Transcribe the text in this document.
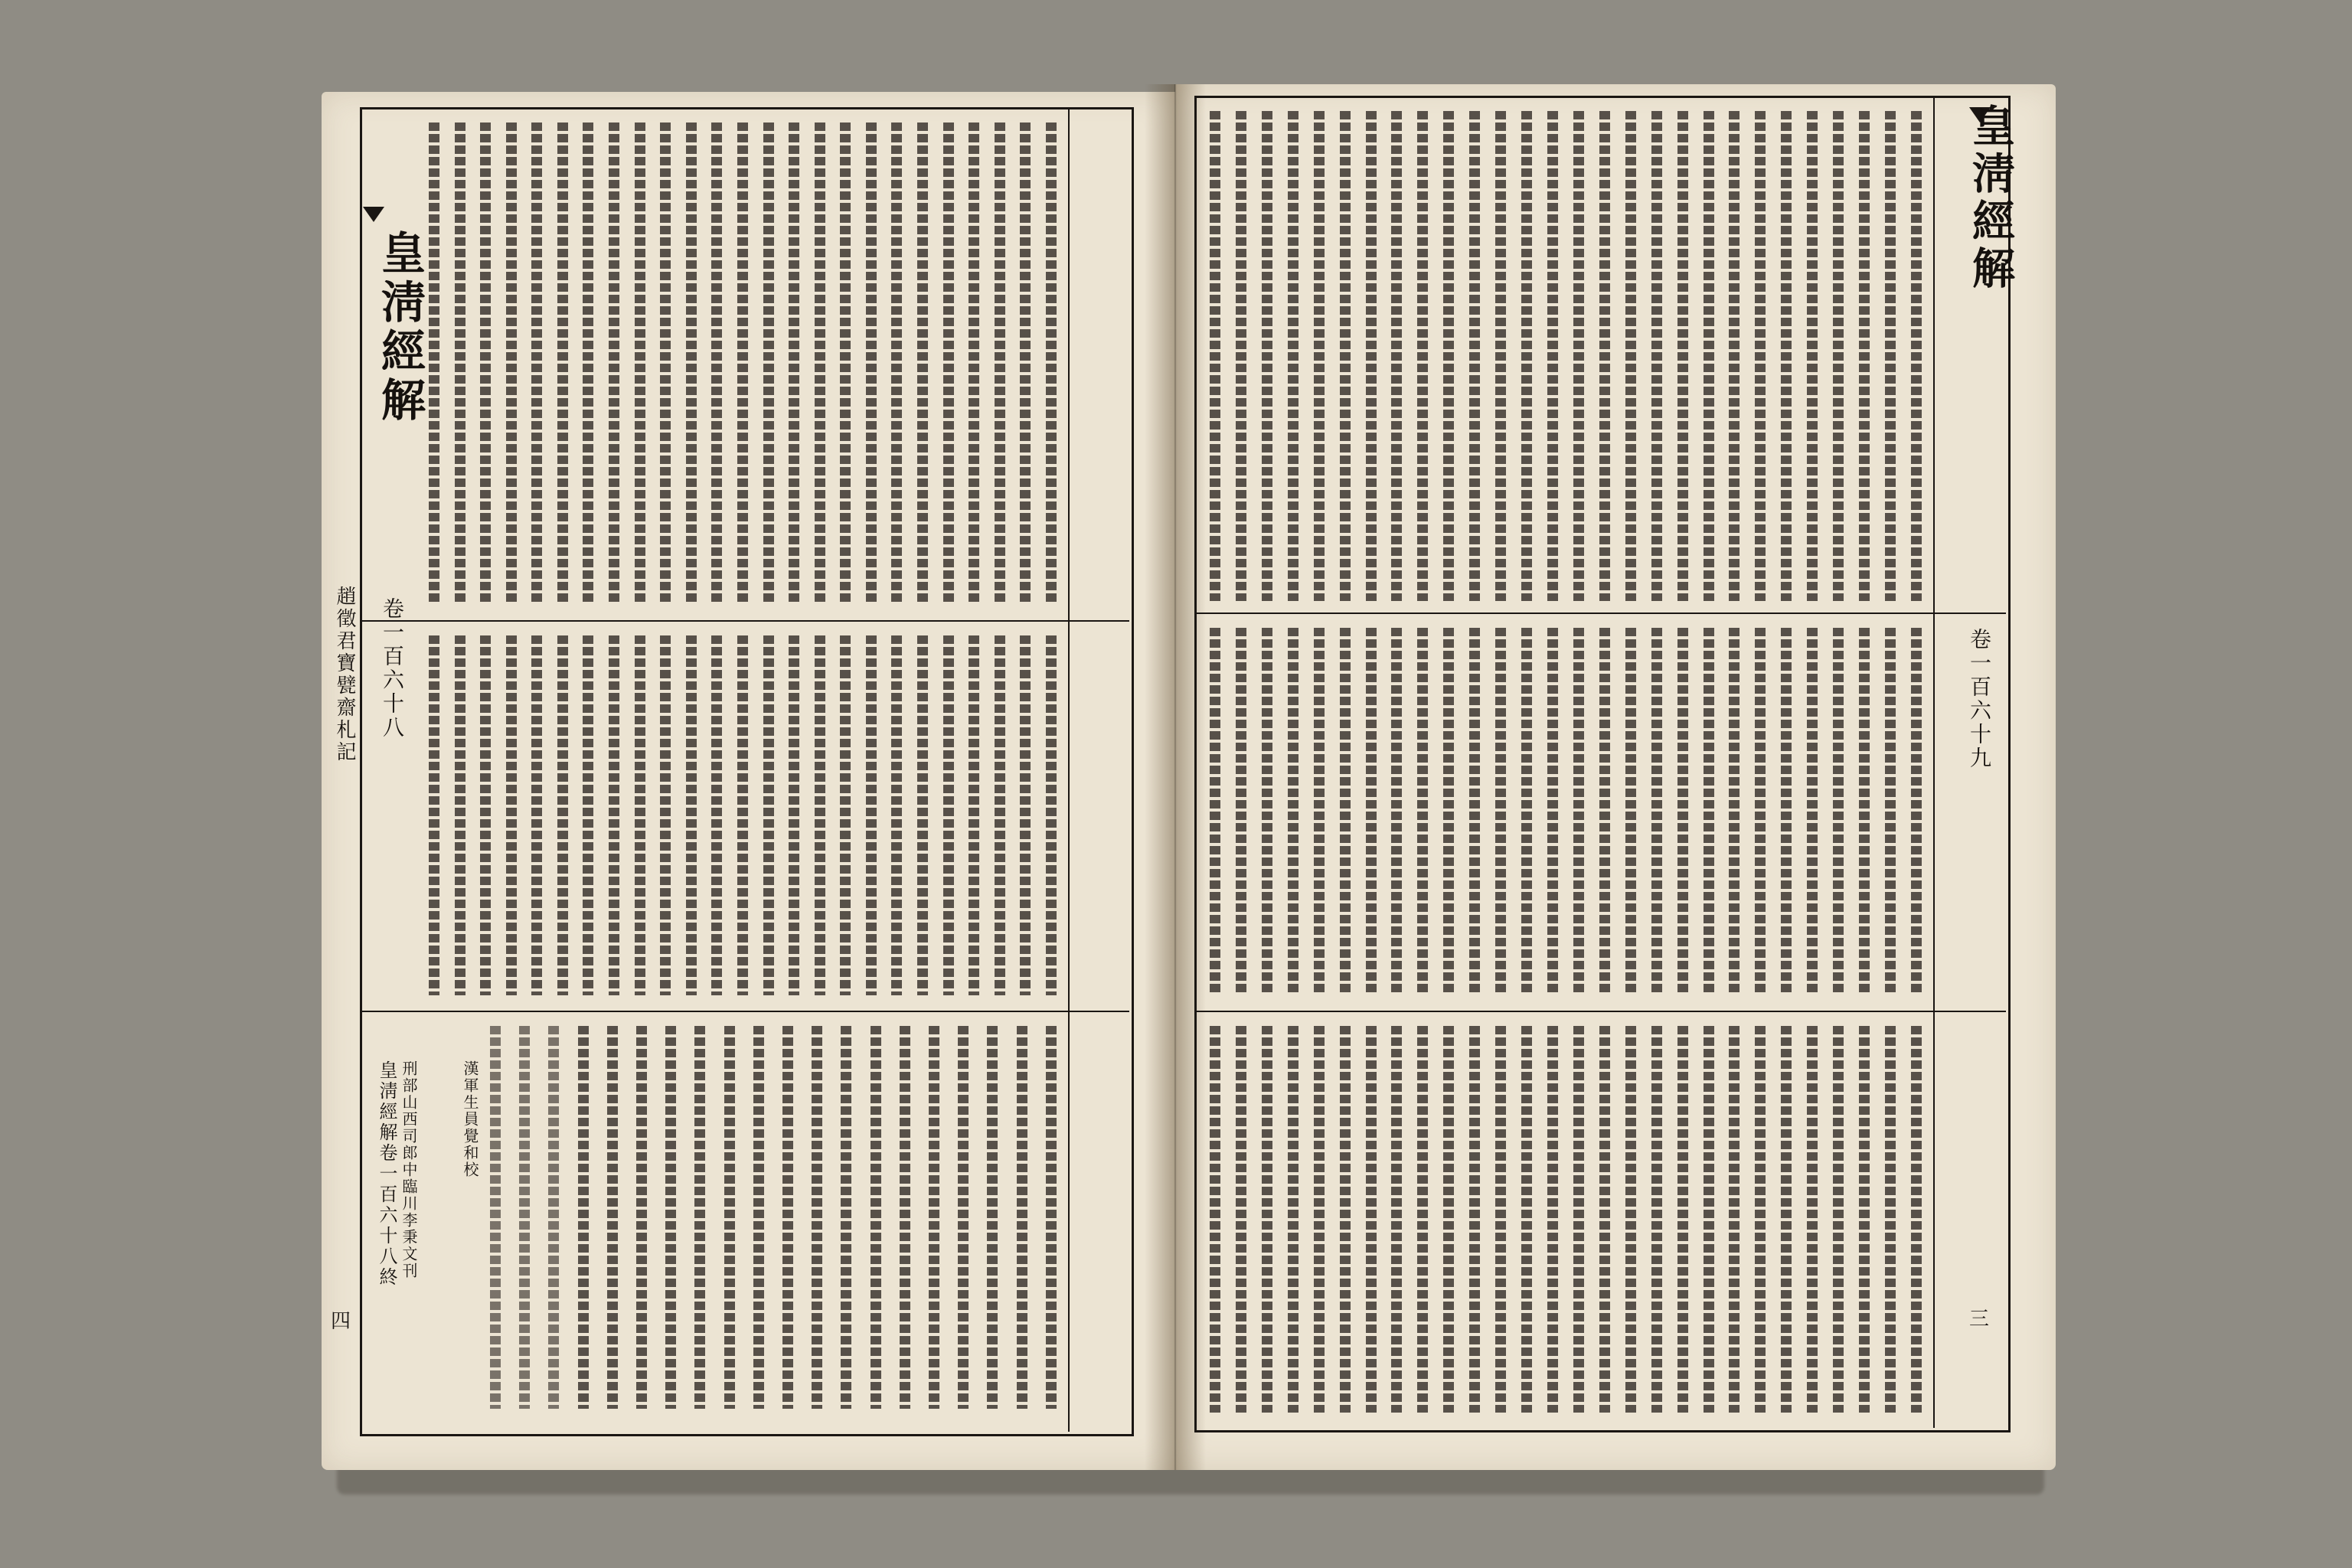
皇淸經解
卷一百六十八
趙徵君寶甓齋札記
皇淸經解卷一百六十八終 刑部山西司郎中臨川李秉文刊	漢軍生員覺和校
四
皇淸經解
卷一百六十九
三
